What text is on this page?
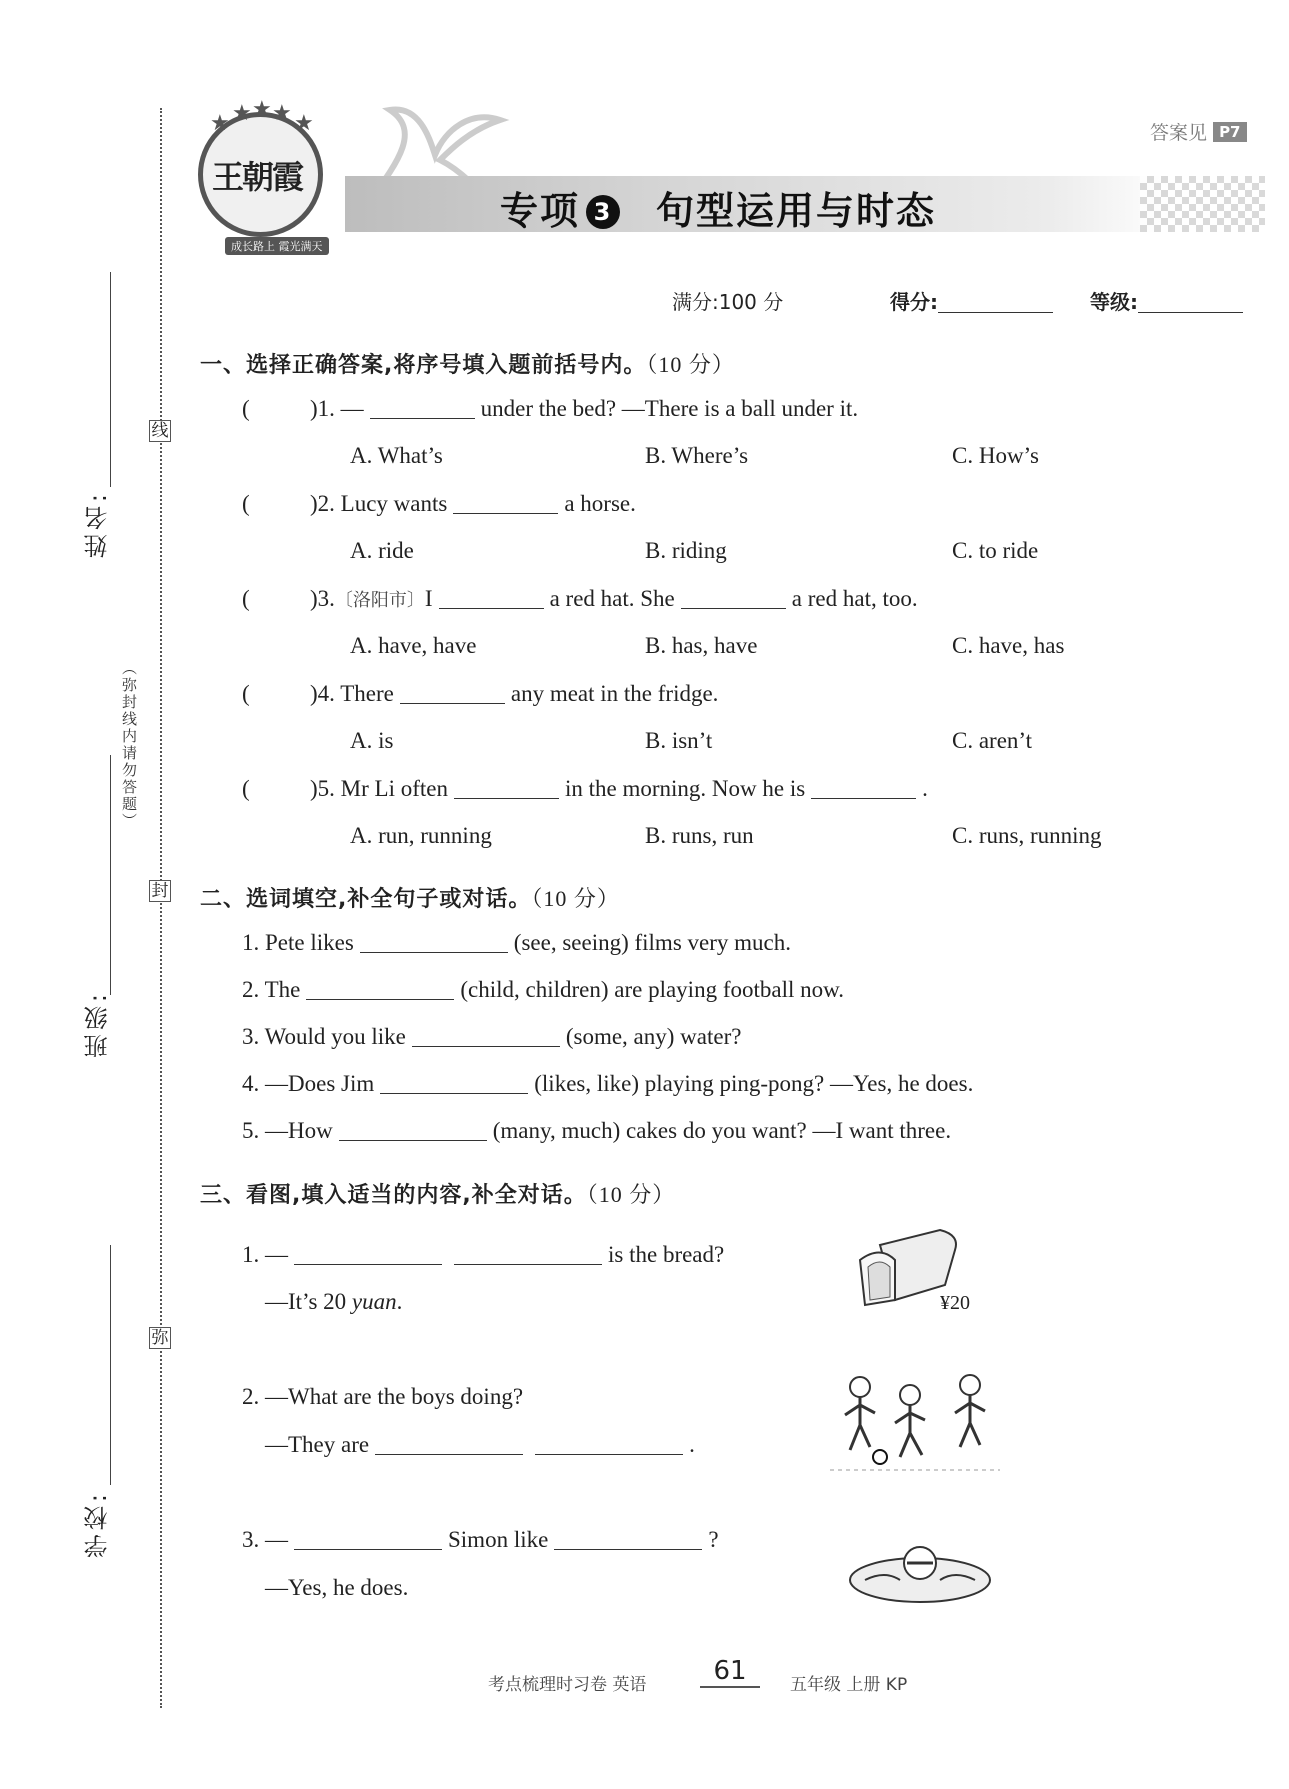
线
封
弥
姓名:
（弥封线内请勿答题）
班级:
学校:
答案见 P7
★ ★ ★ ★ ★
王朝霞
成长路上 霞光满天
专项 3 句型运用与时态
满分:100 分	得分:	等级:
一、选择正确答案,将序号填入题前括号内。（10 分）
(	)1. —	under the bed? —There is a ball under it.
A. What’s	B. Where’s	C. How’s
(	)2. Lucy wants	a horse.
A. ride	B. riding	C. to ride
(	)3.〔洛阳市〕I	a red hat. She	a red hat, too.
A. have, have	B. has, have	C. have, has
(	)4. There	any meat in the fridge.
A. is	B. isn’t	C. aren’t
(	)5. Mr Li often	in the morning. Now he is	.
A. run, running	B. runs, run	C. runs, running
二、选词填空,补全句子或对话。（10 分）
1. Pete likes	(see, seeing) films very much.
2. The	(child, children) are playing football now.
3. Would you like	(some, any) water?
4. —Does Jim	(likes, like) playing ping-pong? —Yes, he does.
5. —How	(many, much) cakes do you want? —I want three.
三、看图,填入适当的内容,补全对话。（10 分）
1. —	is the bread?
—It’s 20 yuan.	¥20
2. —What are the boys doing?
—They are	.
3. —	Simon like	?
—Yes, he does.
考点梳理时习卷 英语	61	五年级 上册 KP
